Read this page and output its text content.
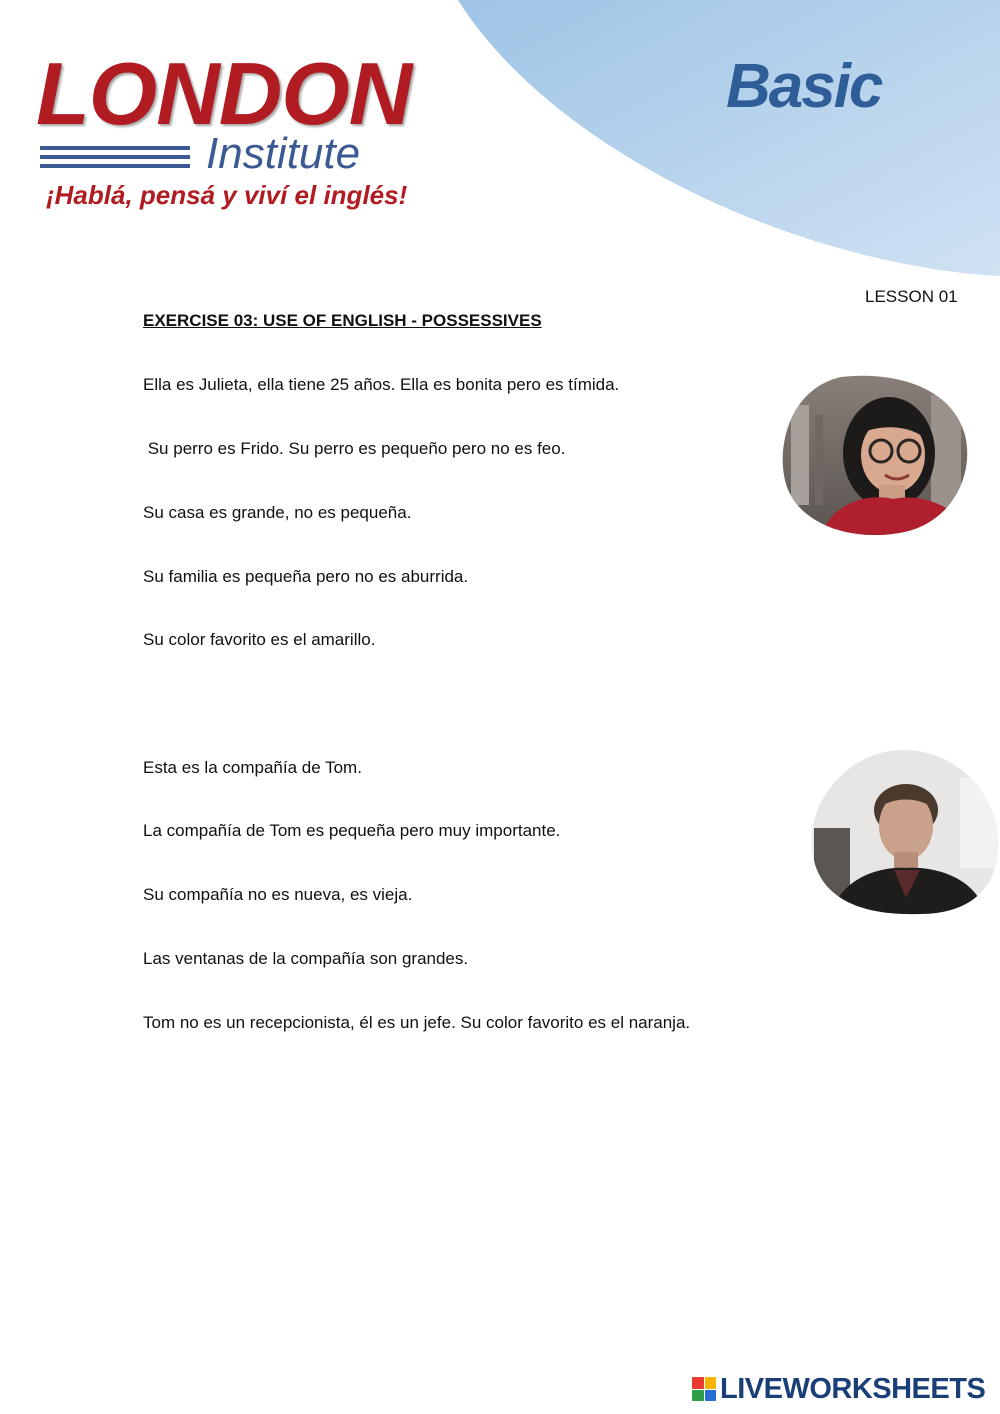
LONDON
Institute
¡Hablá, pensá y viví el inglés!
Basic
LESSON 01
EXERCISE 03: USE OF ENGLISH - POSSESSIVES
Ella es Julieta, ella tiene 25 años. Ella es bonita pero es tímida.
Su perro es Frido. Su perro es pequeño pero no es feo.
Su casa es grande, no es pequeña.
Su familia es pequeña pero no es aburrida.
Su color favorito es el amarillo.
Esta es la compañía de Tom.
La compañía de Tom es pequeña pero muy importante.
Su compañía no es nueva, es vieja.
Las ventanas de la compañía son grandes.
Tom no es un recepcionista, él es un jefe. Su color favorito es el naranja.
LIVEWORKSHEETS
